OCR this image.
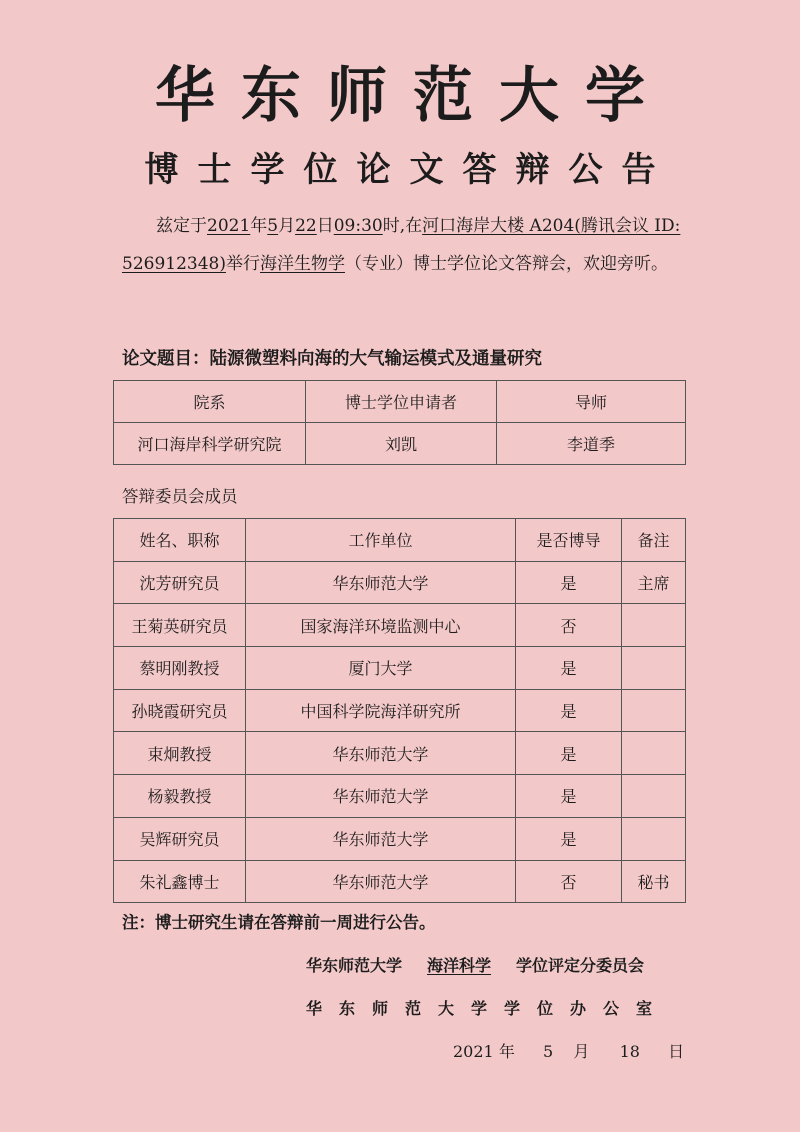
华东师范大学
博士学位论文答辩公告
兹定于2021年5月22日09:30时,在河口海岸大楼 A204(腾讯会议 ID: 526912348)举行海洋生物学（专业）博士学位论文答辩会，欢迎旁听。
论文题目：陆源微塑料向海的大气输运模式及通量研究
院系	博士学位申请者	导师
河口海岸科学研究院	刘凯	李道季
答辩委员会成员
姓名、职称	工作单位	是否博导	备注
沈芳研究员	华东师范大学	是	主席
王菊英研究员	国家海洋环境监测中心	否	
蔡明刚教授	厦门大学	是	
孙晓霞研究员	中国科学院海洋研究所	是	
束炯教授	华东师范大学	是	
杨毅教授	华东师范大学	是	
吴辉研究员	华东师范大学	是	
朱礼鑫博士	华东师范大学	否	秘书
注：博士研究生请在答辩前一周进行公告。
华东师范大学 海洋科学 学位评定分委员会
华东师范大学学位办公室
2021 年 5 月 18 日
